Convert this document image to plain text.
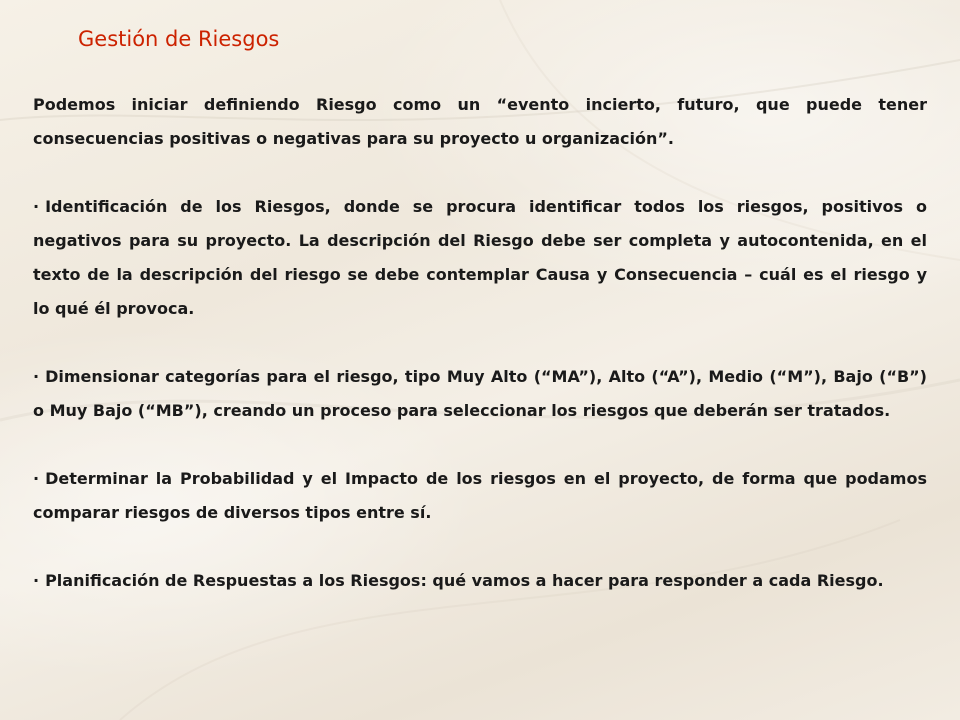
Gestión de Riesgos

Podemos iniciar definiendo Riesgo como un “evento incierto, futuro, que puede tener consecuencias positivas o negativas para su proyecto u organización”.

· Identificación de los Riesgos, donde se procura identificar todos los riesgos, positivos o negativos para su proyecto. La descripción del Riesgo debe ser completa y autocontenida, en el texto de la descripción del riesgo se debe contemplar Causa y Consecuencia – cuál es el riesgo y lo qué él provoca.

· Dimensionar categorías para el riesgo, tipo Muy Alto (“MA”), Alto (“A”), Medio (“M”), Bajo (“B”) o Muy Bajo (“MB”), creando un proceso para seleccionar los riesgos que deberán ser tratados.

· Determinar la Probabilidad y el Impacto de los riesgos en el proyecto, de forma que podamos comparar riesgos de diversos tipos entre sí.

· Planificación de Respuestas a los Riesgos: qué vamos a hacer para responder a cada Riesgo.
